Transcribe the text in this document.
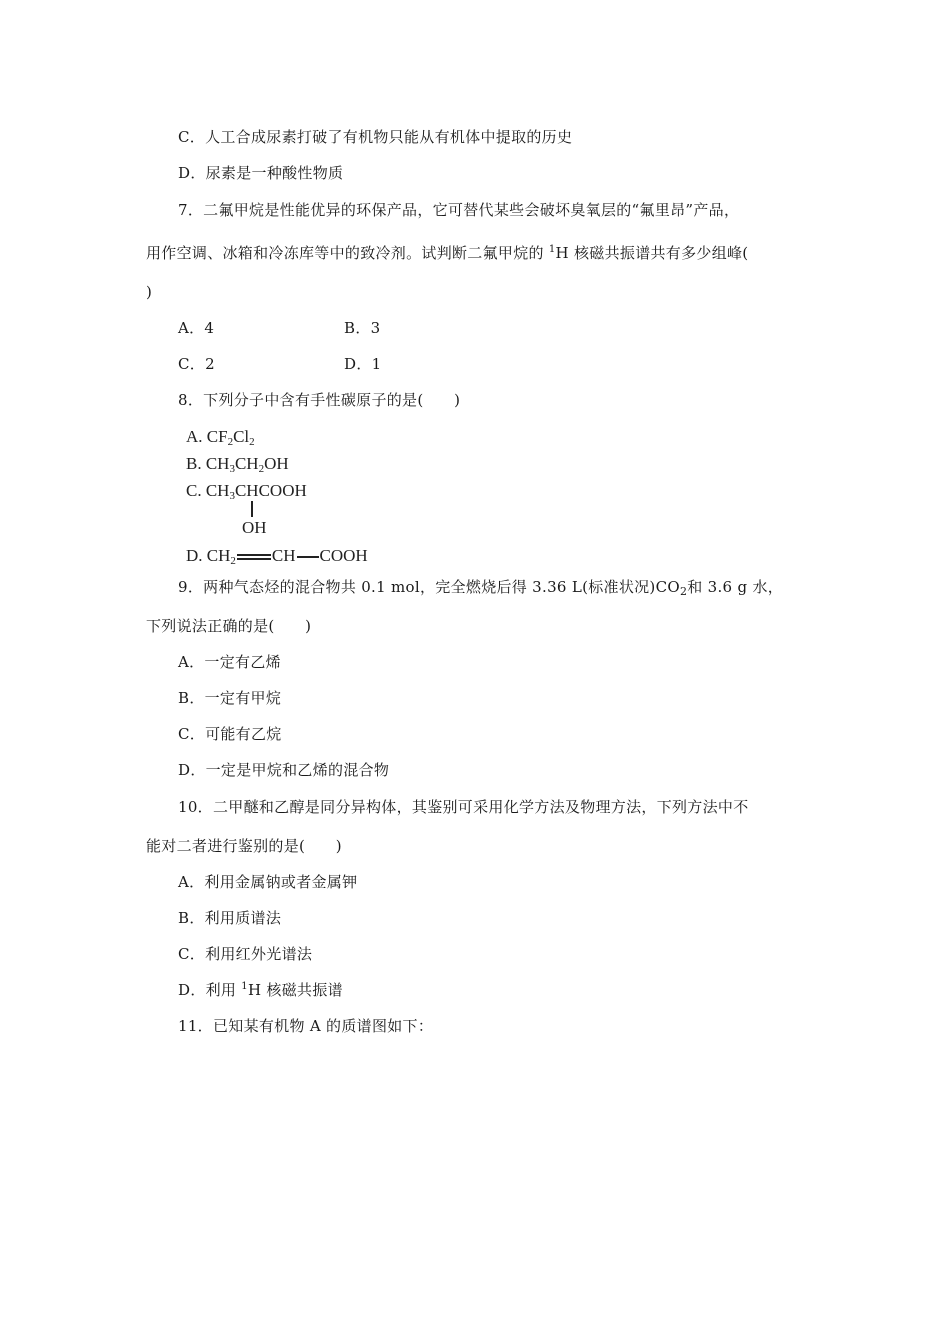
C．人工合成尿素打破了有机物只能从有机体中提取的历史
D．尿素是一种酸性物质
7．二氟甲烷是性能优异的环保产品，它可替代某些会破坏臭氧层的“氟里昂”产品，
用作空调、冰箱和冷冻库等中的致冷剂。试判断二氟甲烷的 $^1$H 核磁共振谱共有多少组峰(
)
A．4	B．3
C．2	D．1
8．下列分子中含有手性碳原子的是(　　)
A. $CF_2Cl_2$
B. $CH_3CH_2OH$
C. $CH_3CHCOOH$
OH
D. $CH_2$ CH COOH
9．两种气态烃的混合物共 0.1 mol，完全燃烧后得 3.36 L(标准状况)$CO_2$和 3.6 g 水，
下列说法正确的是(　　)
A．一定有乙烯
B．一定有甲烷
C．可能有乙烷
D．一定是甲烷和乙烯的混合物
10．二甲醚和乙醇是同分异构体，其鉴别可采用化学方法及物理方法，下列方法中不
能对二者进行鉴别的是(　　)
A．利用金属钠或者金属钾
B．利用质谱法
C．利用红外光谱法
D．利用 $^1$H 核磁共振谱
11．已知某有机物 A 的质谱图如下：
